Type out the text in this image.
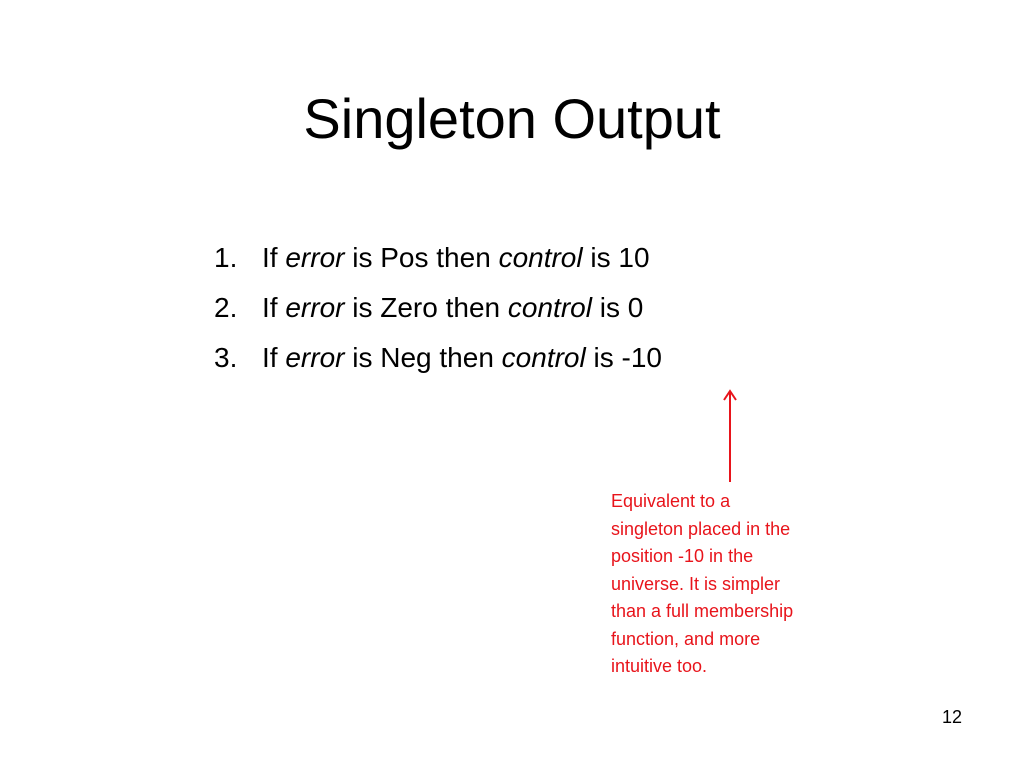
Singleton Output
1. If error is Pos then control is 10
2. If error is Zero then control is 0
3. If error is Neg then control is -10

Equivalent to a
singleton placed in the
position -10 in the
universe. It is simpler
than a full membership
function, and more
intuitive too.

12
